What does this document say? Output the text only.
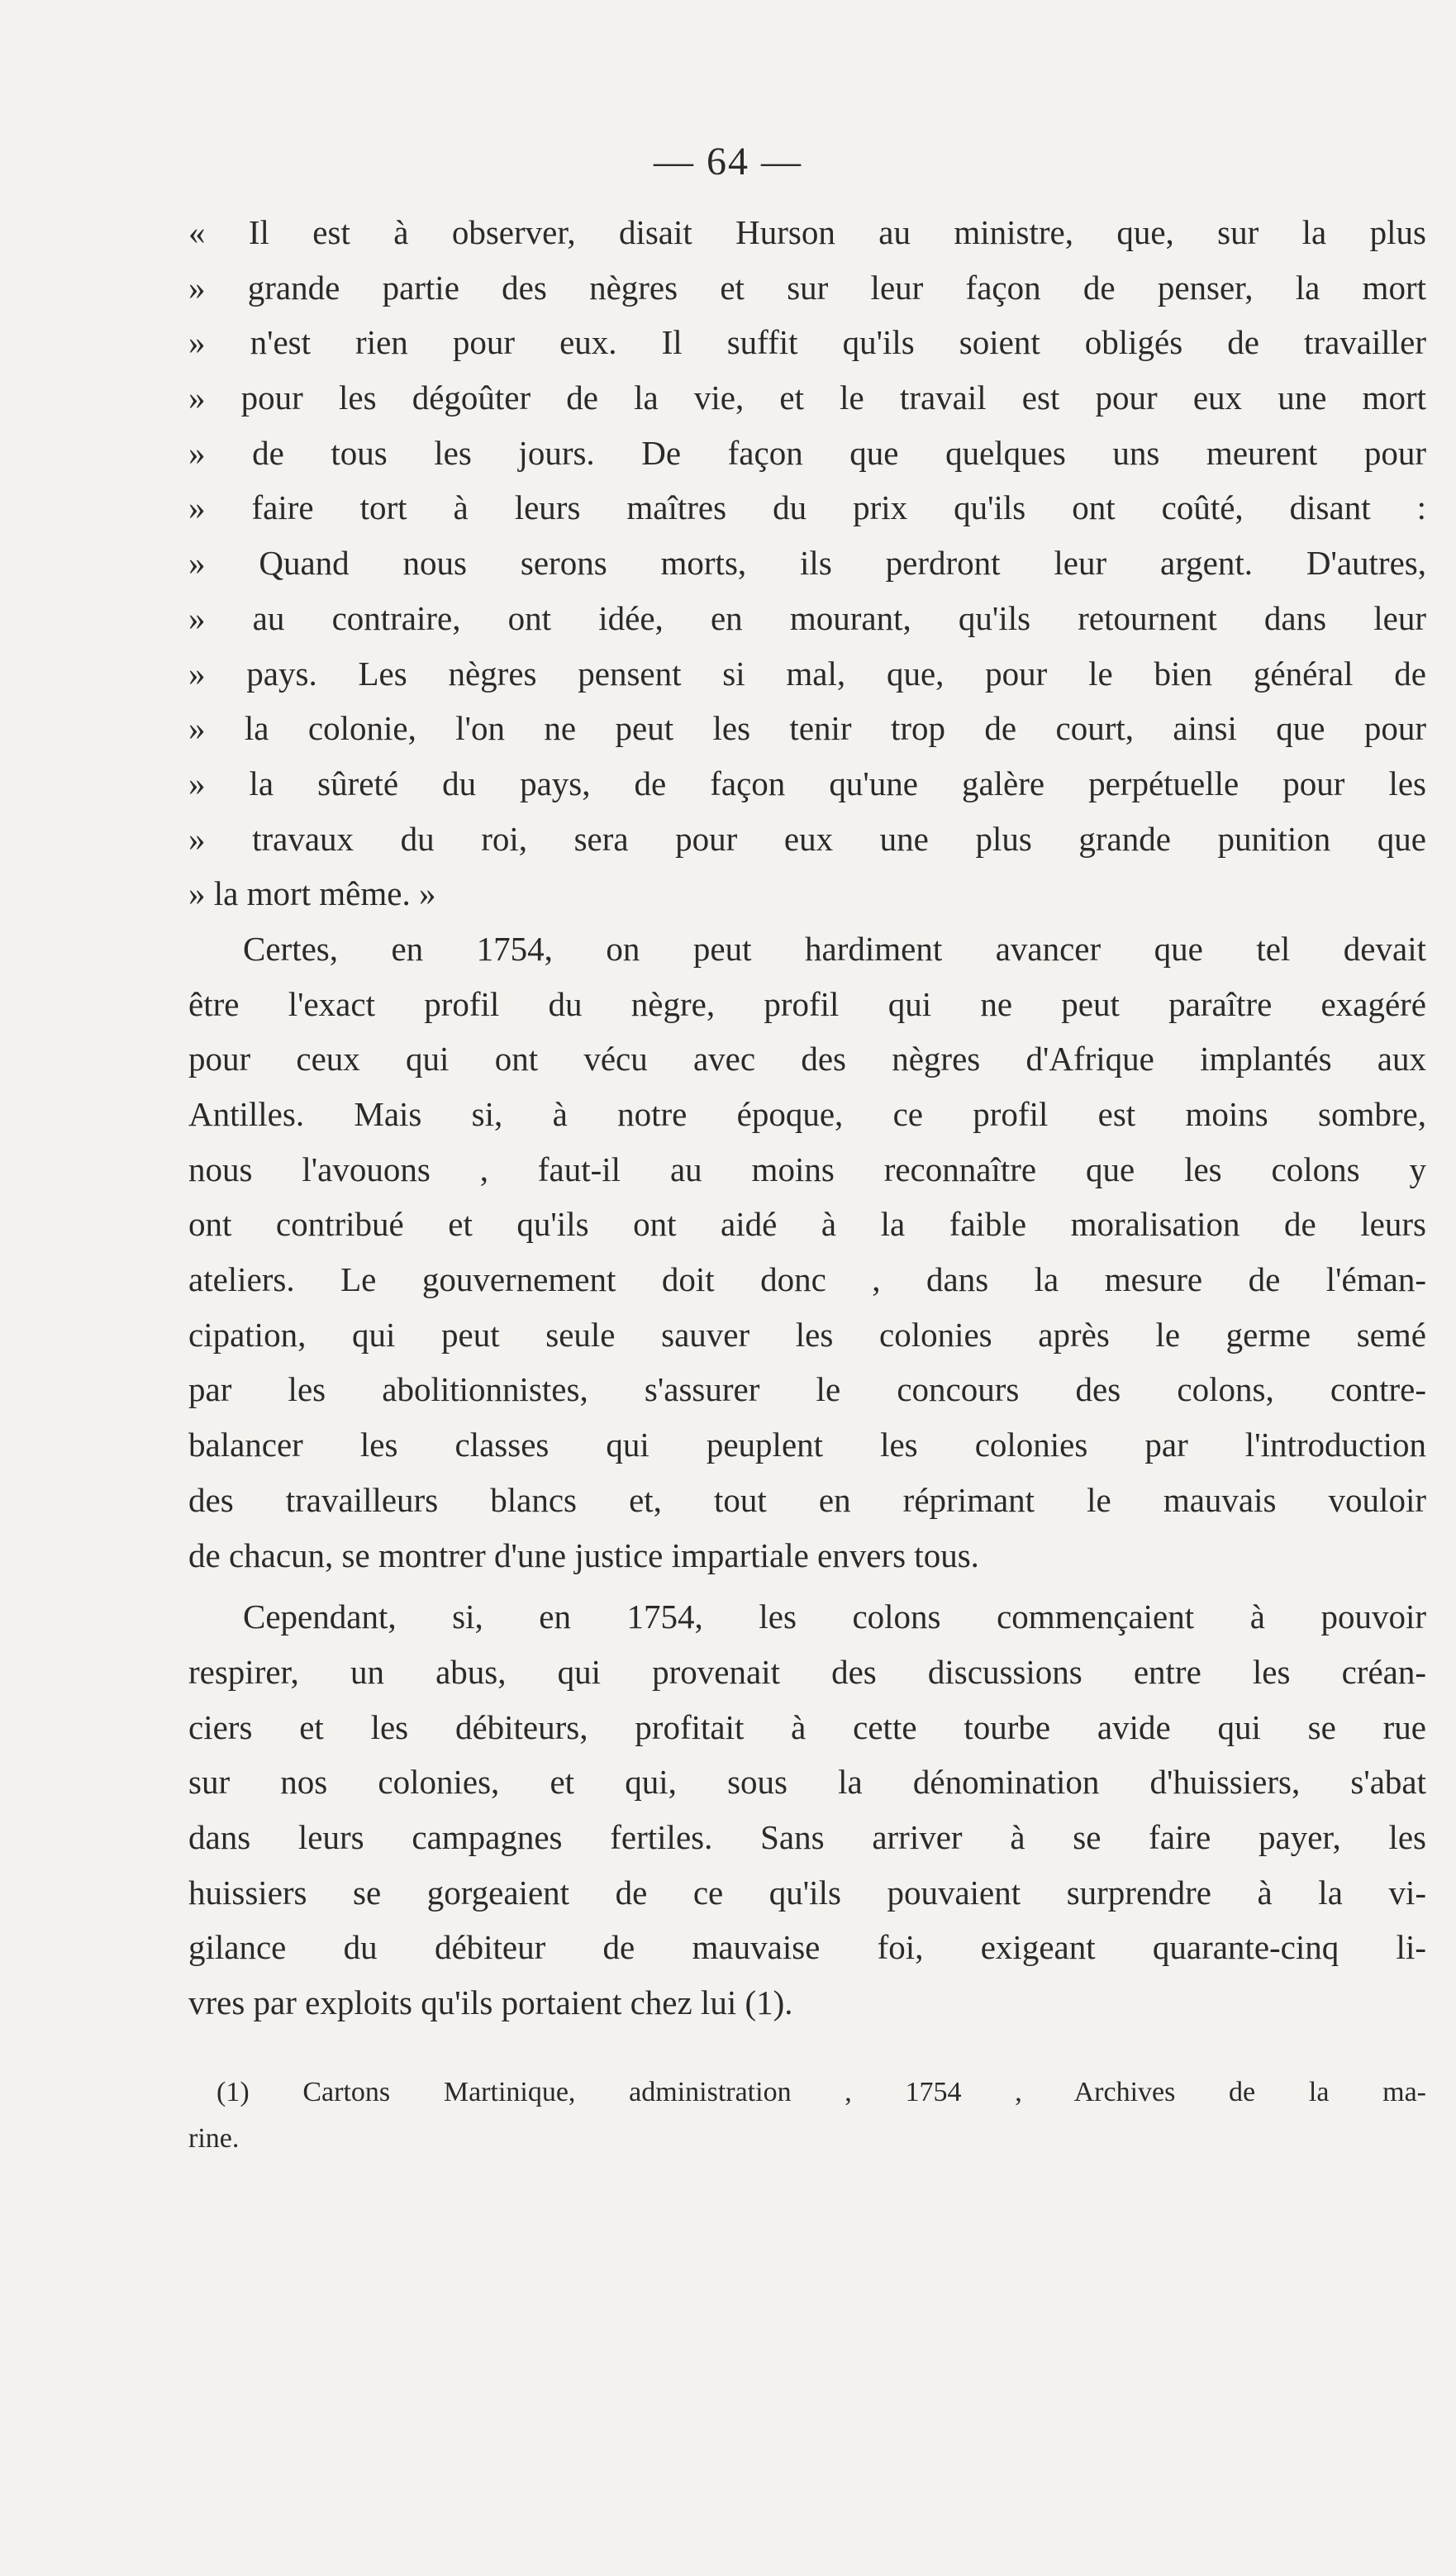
— 64 —
« Il est à observer, disait Hurson au ministre, que, sur la plus
» grande partie des nègres et sur leur façon de penser, la mort
» n'est rien pour eux. Il suffit qu'ils soient obligés de travailler
» pour les dégoûter de la vie, et le travail est pour eux une mort
» de tous les jours. De façon que quelques uns meurent pour
» faire tort à leurs maîtres du prix qu'ils ont coûté, disant :
» Quand nous serons morts, ils perdront leur argent. D'autres,
» au contraire, ont idée, en mourant, qu'ils retournent dans leur
» pays. Les nègres pensent si mal, que, pour le bien général de
» la colonie, l'on ne peut les tenir trop de court, ainsi que pour
» la sûreté du pays, de façon qu'une galère perpétuelle pour les
» travaux du roi, sera pour eux une plus grande punition que
» la mort même. »
Certes, en 1754, on peut hardiment avancer que tel devait
être l'exact profil du nègre, profil qui ne peut paraître exagéré
pour ceux qui ont vécu avec des nègres d'Afrique implantés aux
Antilles. Mais si, à notre époque, ce profil est moins sombre,
nous l'avouons , faut-il au moins reconnaître que les colons y
ont contribué et qu'ils ont aidé à la faible moralisation de leurs
ateliers. Le gouvernement doit donc , dans la mesure de l'éman-
cipation, qui peut seule sauver les colonies après le germe semé
par les abolitionnistes, s'assurer le concours des colons, contre-
balancer les classes qui peuplent les colonies par l'introduction
des travailleurs blancs et, tout en réprimant le mauvais vouloir
de chacun, se montrer d'une justice impartiale envers tous.
Cependant, si, en 1754, les colons commençaient à pouvoir
respirer, un abus, qui provenait des discussions entre les créan-
ciers et les débiteurs, profitait à cette tourbe avide qui se rue
sur nos colonies, et qui, sous la dénomination d'huissiers, s'abat
dans leurs campagnes fertiles. Sans arriver à se faire payer, les
huissiers se gorgeaient de ce qu'ils pouvaient surprendre à la vi-
gilance du débiteur de mauvaise foi, exigeant quarante-cinq li-
vres par exploits qu'ils portaient chez lui (1).
(1) Cartons Martinique, administration , 1754 , Archives de la ma-
rine.
